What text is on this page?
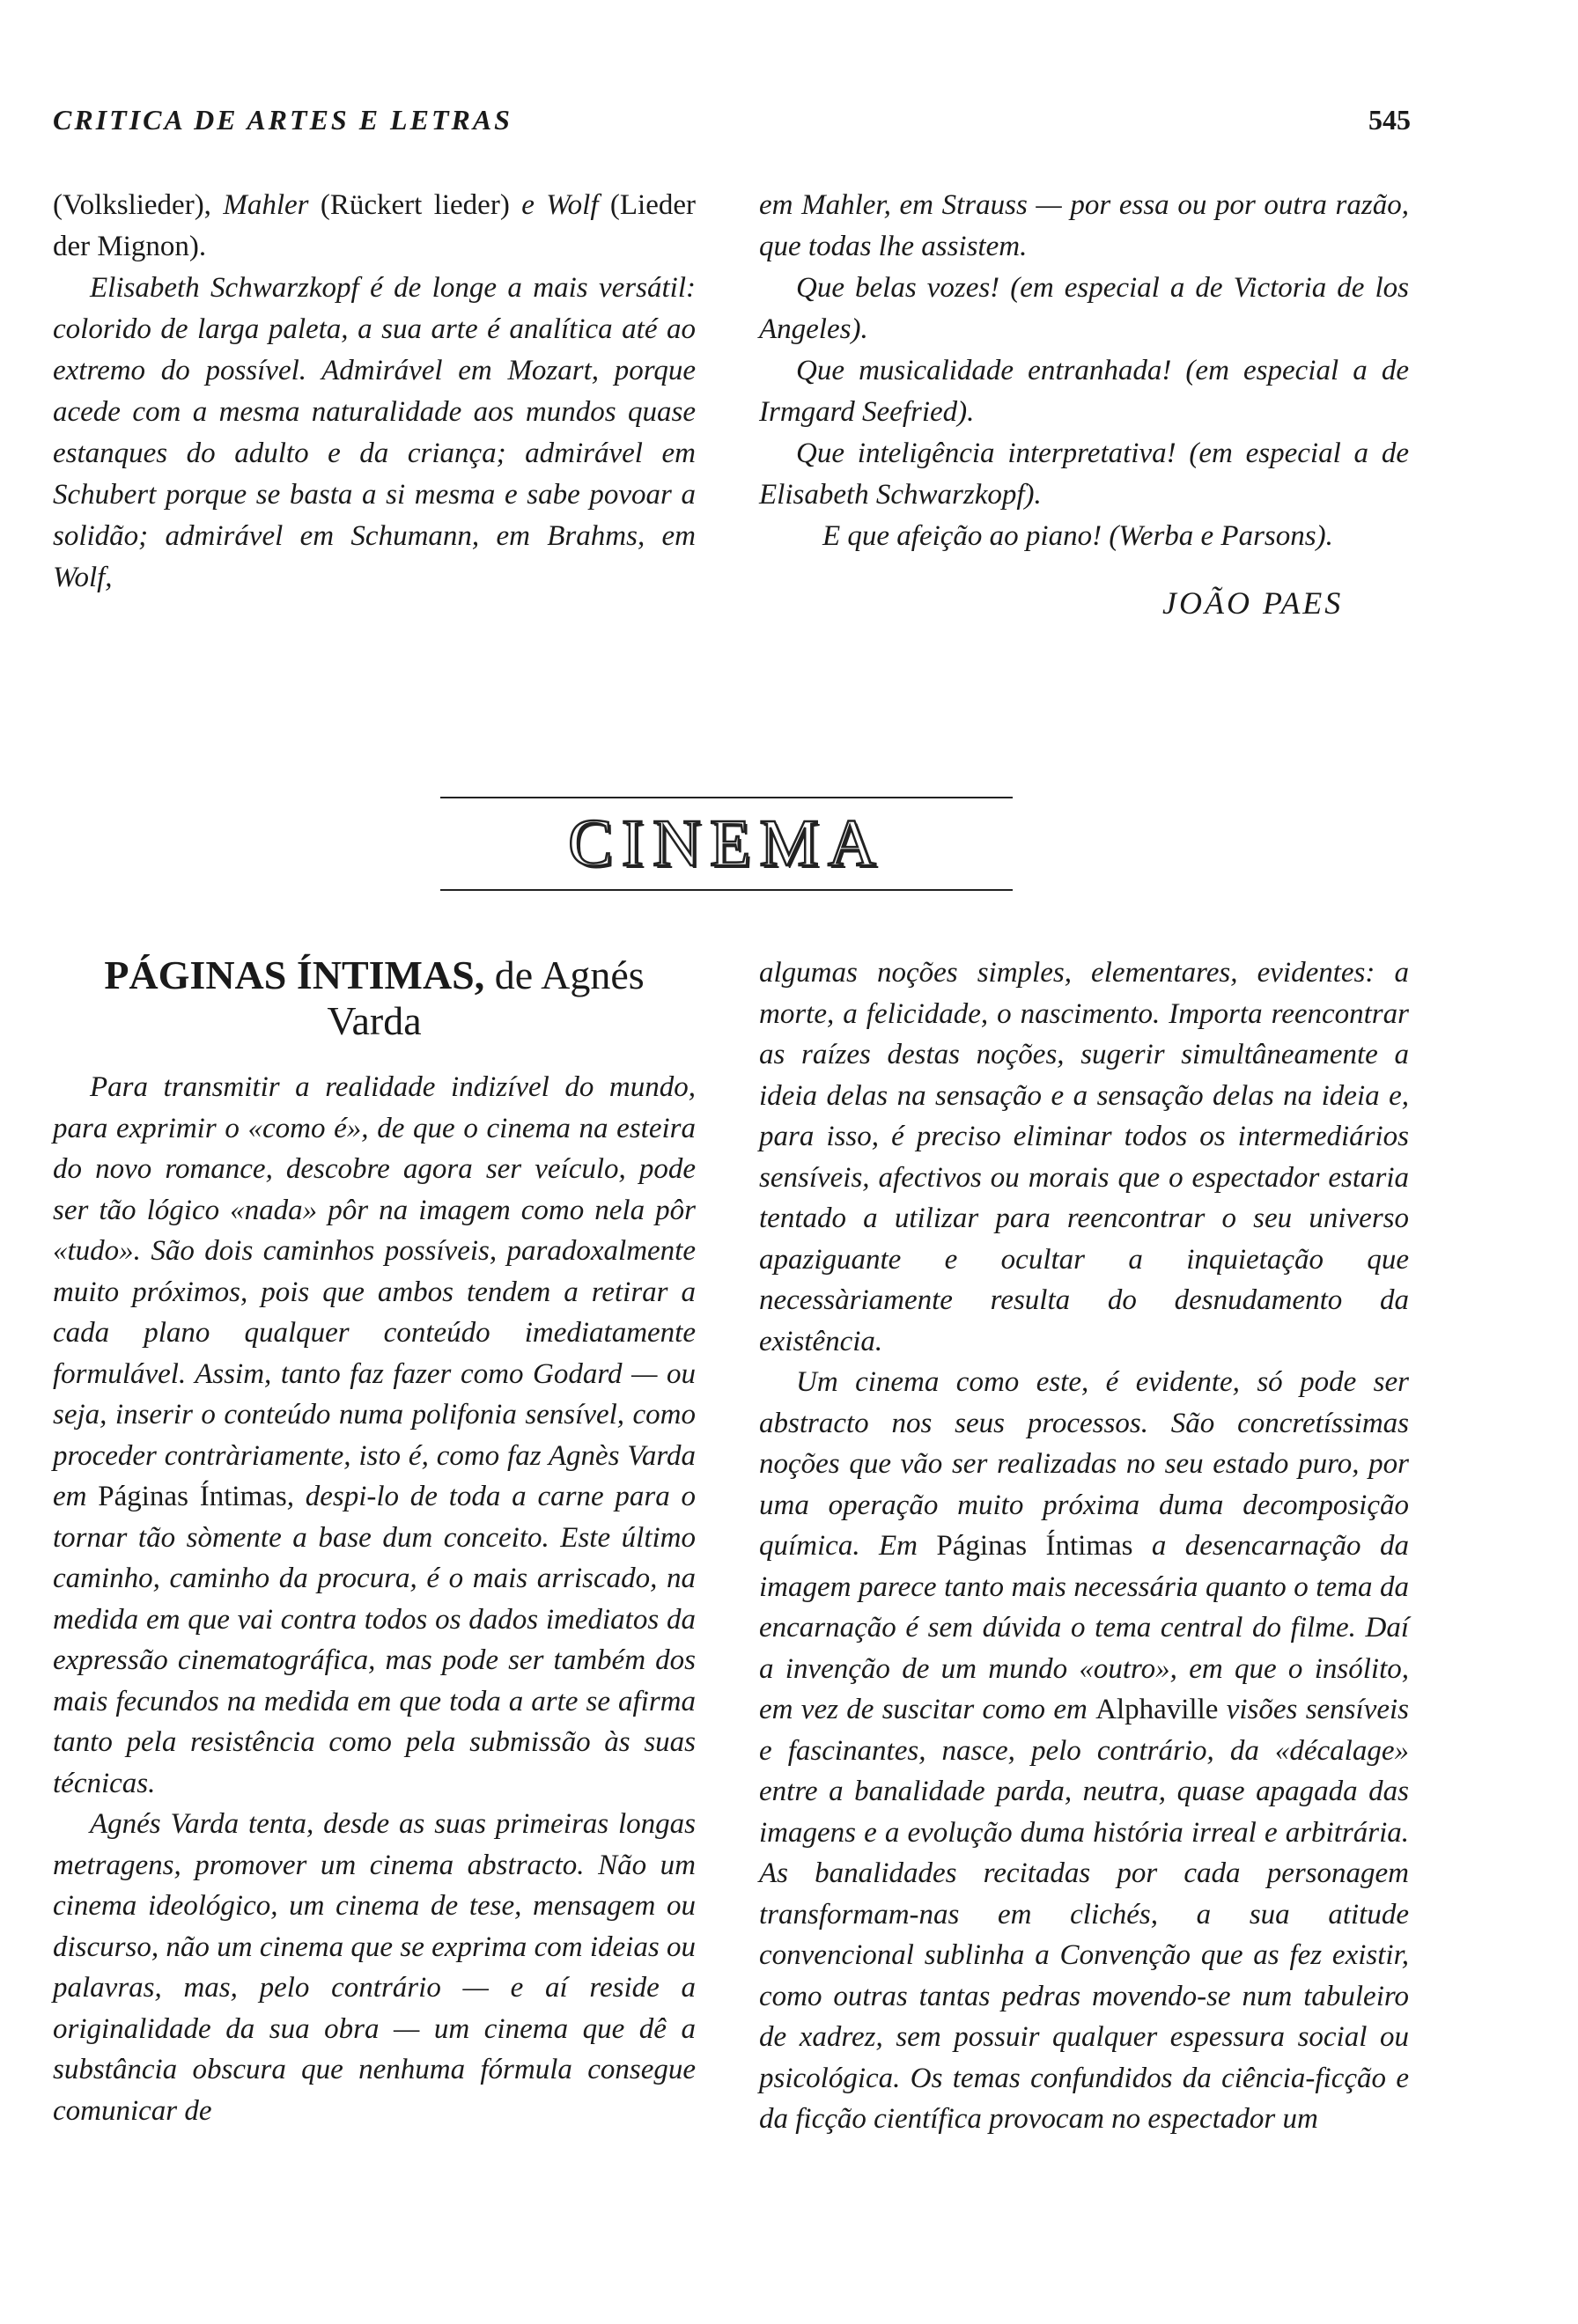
CRITICA DE ARTES E LETRAS	545

(Volkslieder), Mahler (Rückert lieder) e Wolf (Lieder der Mignon).

Elisabeth Schwarzkopf é de longe a mais versátil: colorido de larga paleta, a sua arte é analítica até ao extremo do possível. Admirável em Mozart, porque acede com a mesma naturalidade aos mundos quase estanques do adulto e da criança; admirável em Schubert porque se basta a si mesma e sabe povoar a solidão; admirável em Schumann, em Brahms, em Wolf,

em Mahler, em Strauss — por essa ou por outra razão, que todas lhe assistem.

Que belas vozes! (em especial a de Victoria de los Angeles).

Que musicalidade entranhada! (em especial a de Irmgard Seefried).

Que inteligência interpretativa! (em especial a de Elisabeth Schwarzkopf).

E que afeição ao piano! (Werba e Parsons).

JOÃO PAES
CINEMA
PÁGINAS ÍNTIMAS, de Agnés Varda

Para transmitir a realidade indizível do mundo, para exprimir o «como é», de que o cinema na esteira do novo romance, descobre agora ser veículo, pode ser tão lógico «nada» pôr na imagem como nela pôr «tudo». São dois caminhos possíveis, paradoxalmente muito próximos, pois que ambos tendem a retirar a cada plano qualquer conteúdo imediatamente formulável. Assim, tanto faz fazer como Godard — ou seja, inserir o conteúdo numa polifonia sensível, como proceder contràriamente, isto é, como faz Agnès Varda em Páginas Íntimas, despi-lo de toda a carne para o tornar tão sòmente a base dum conceito. Este último caminho, caminho da procura, é o mais arriscado, na medida em que vai contra todos os dados imediatos da expressão cinematográfica, mas pode ser também dos mais fecundos na medida em que toda a arte se afirma tanto pela resistência como pela submissão às suas técnicas.

Agnés Varda tenta, desde as suas primeiras longas metragens, promover um cinema abstracto. Não um cinema ideológico, um cinema de tese, mensagem ou discurso, não um cinema que se exprima com ideias ou palavras, mas, pelo contrário — e aí reside a originalidade da sua obra — um cinema que dê a substância obscura que nenhuma fórmula consegue comunicar de

algumas noções simples, elementares, evidentes: a morte, a felicidade, o nascimento. Importa reencontrar as raízes destas noções, sugerir simultâneamente a ideia delas na sensação e a sensação delas na ideia e, para isso, é preciso eliminar todos os intermediários sensíveis, afectivos ou morais que o espectador estaria tentado a utilizar para reencontrar o seu universo apaziguante e ocultar a inquietação que necessàriamente resulta do desnudamento da existência.

Um cinema como este, é evidente, só pode ser abstracto nos seus processos. São concretíssimas noções que vão ser realizadas no seu estado puro, por uma operação muito próxima duma decomposição química. Em Páginas Íntimas a desencarnação da imagem parece tanto mais necessária quanto o tema da encarnação é sem dúvida o tema central do filme. Daí a invenção de um mundo «outro», em que o insólito, em vez de suscitar como em Alphaville visões sensíveis e fascinantes, nasce, pelo contrário, da «décalage» entre a banalidade parda, neutra, quase apagada das imagens e a evolução duma história irreal e arbitrária. As banalidades recitadas por cada personagem transformam-nas em clichés, a sua atitude convencional sublinha a Convenção que as fez existir, como outras tantas pedras movendo-se num tabuleiro de xadrez, sem possuir qualquer espessura social ou psicológica. Os temas confundidos da ciência-ficção e da ficção científica provocam no espectador um
